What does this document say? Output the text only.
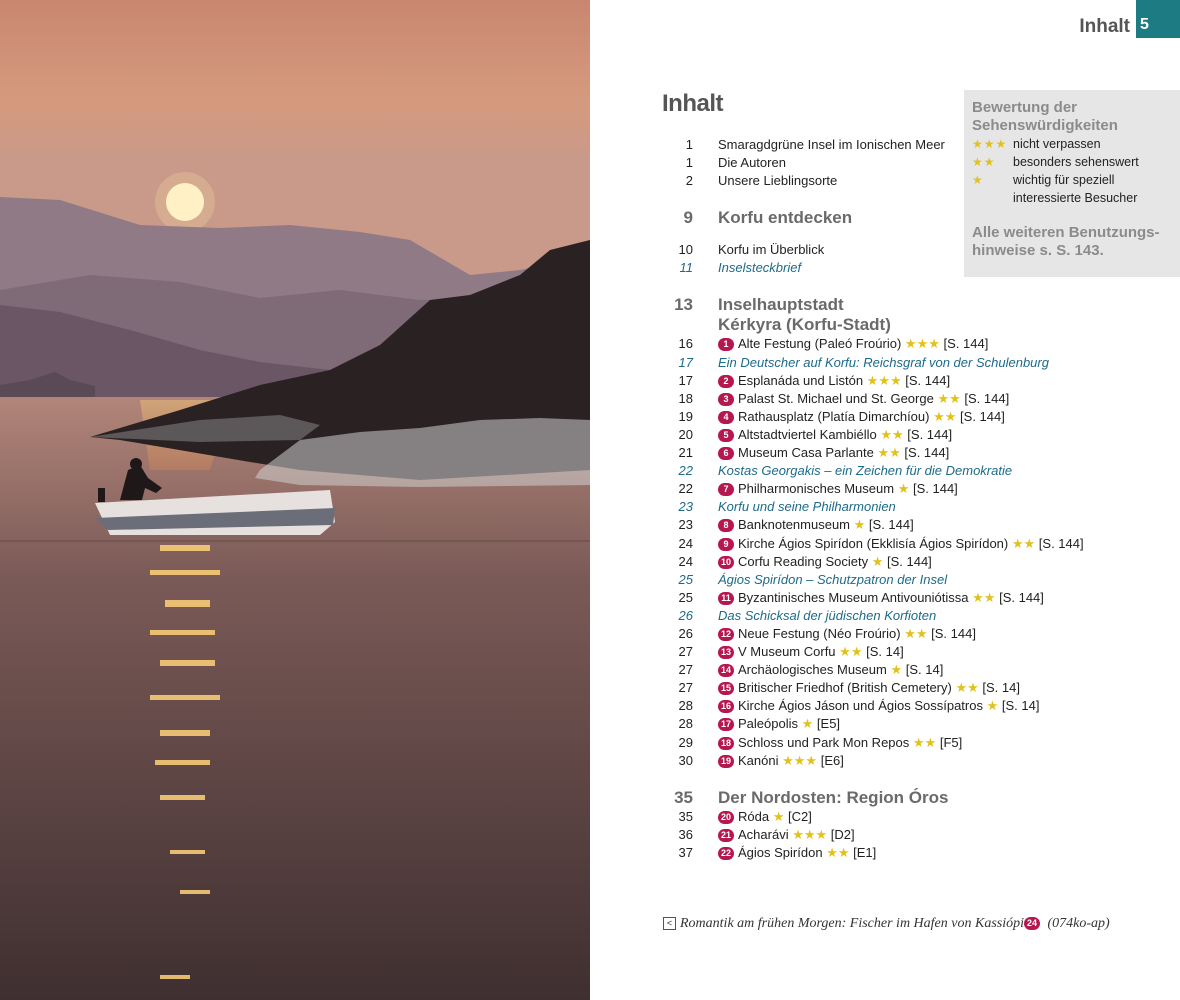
Inhalt 5
Inhalt	Bewertung der Sehenswürdigkeiten
★★★ nicht verpassen
★★	besonders sehenswert
★	wichtig für speziell
interessierte Besucher
Alle weiteren Benutzungs-hinweise s. S. 143.
1 Smaragdgrüne Insel im Ionischen Meer
1 Die Autoren
2 Unsere Lieblingsorte
9 Korfu entdecken
10 Korfu im Überblick
11 Inselsteckbrief
13 Inselhauptstadt
Kérkyra (Korfu-Stadt)
16	1 Alte Festung (Paleó Froúrio) ★★★ [S. 144]
17 Ein Deutscher auf Korfu: Reichsgraf von der Schulenburg
17	2 Esplanáda und Listón ★★★ [S. 144]
18	3 Palast St. Michael und St. George ★★ [S. 144]
19	4 Rathausplatz (Platía Dimarchíou) ★★ [S. 144]
20	5 Altstadtviertel Kambiéllo ★★ [S. 144]
21	6 Museum Casa Parlante ★★ [S. 144]
22 Kostas Georgakis – ein Zeichen für die Demokratie
22	7 Philharmonisches Museum ★ [S. 144]
23 Korfu und seine Philharmonien
23	8 Banknotenmuseum ★ [S. 144]
24	9 Kirche Ágios Spirídon (Ekklisía Ágios Spirídon) ★★ [S. 144]
24	10 Corfu Reading Society ★ [S. 144]
25 Ágios Spirídon – Schutzpatron der Insel
25	11 Byzantinisches Museum Antivouniótissa ★★ [S. 144]
26 Das Schicksal der jüdischen Korfioten
26	12 Neue Festung (Néo Froúrio) ★★ [S. 144]
27	13 V Museum Corfu ★★ [S. 14]
27	14 Archäologisches Museum ★ [S. 14]
27	15 Britischer Friedhof (British Cemetery) ★★ [S. 14]
28	16 Kirche Ágios Jáson und Ágios Sossípatros ★ [S. 14]
28	17 Paleópolis ★ [E5]
29	18 Schloss und Park Mon Repos ★★ [F5]
30	19 Kanóni ★★★ [E6]
35 Der Nordosten: Region Óros
35	20 Róda ★ [C2]
36	21 Acharávi ★★★ [D2]
37	22 Ágios Spirídon ★★ [E1]
< Romantik am frühen Morgen: Fischer im Hafen von Kassiópi 24 (074ko-ap)
